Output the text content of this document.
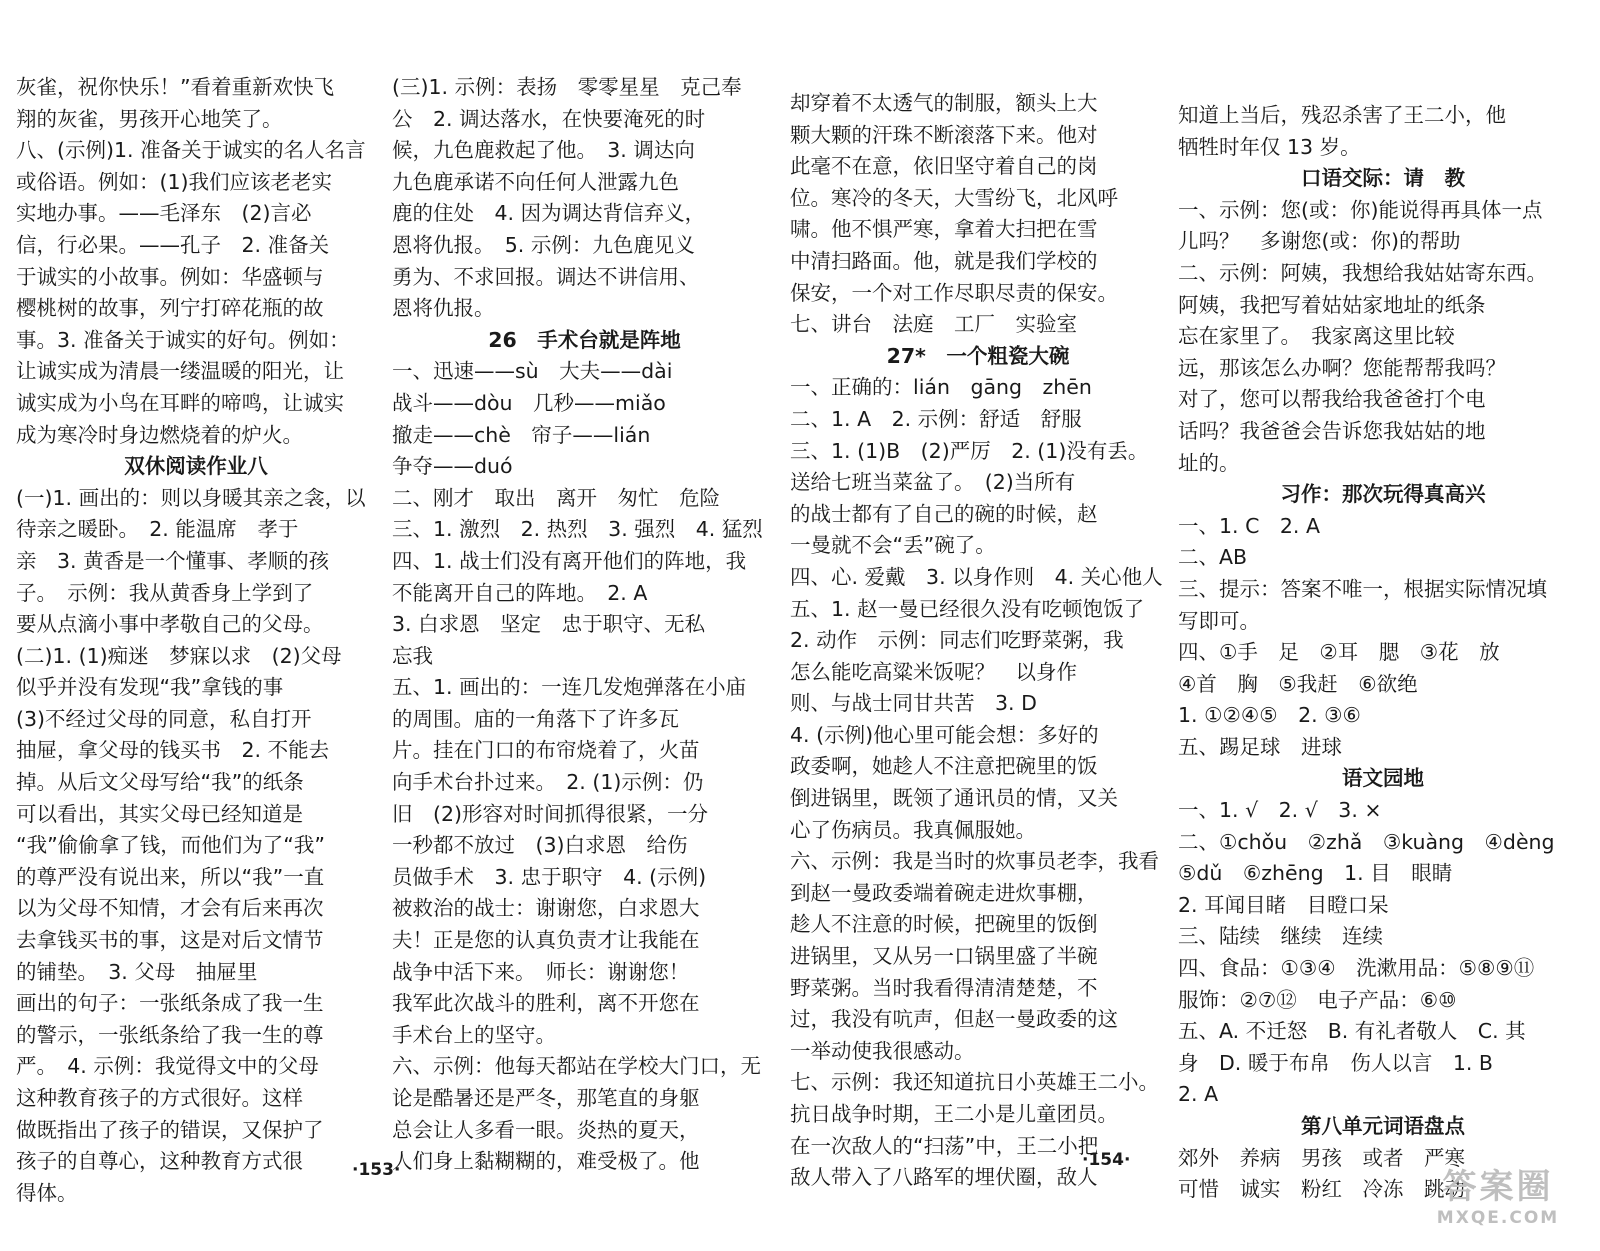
灰雀，祝你快乐！”看着重新欢快飞
翔的灰雀，男孩开心地笑了。
八、(示例)1. 准备关于诚实的名人名言
或俗语。例如：(1)我们应该老老实
实地办事。——毛泽东　(2)言必
信，行必果。——孔子　2. 准备关
于诚实的小故事。例如：华盛顿与
樱桃树的故事，列宁打碎花瓶的故
事。3. 准备关于诚实的好句。例如：
让诚实成为清晨一缕温暖的阳光，让
诚实成为小鸟在耳畔的啼鸣，让诚实
成为寒冷时身边燃烧着的炉火。
双休阅读作业八
(一)1. 画出的：则以身暖其亲之衾，以
待亲之暖卧。　2. 能温席　孝于
亲　3. 黄香是一个懂事、孝顺的孩
子。　示例：我从黄香身上学到了
要从点滴小事中孝敬自己的父母。
(二)1. (1)痴迷　梦寐以求　(2)父母
似乎并没有发现“我”拿钱的事
(3)不经过父母的同意，私自打开
抽屉，拿父母的钱买书　2. 不能去
掉。从后文父母写给“我”的纸条
可以看出，其实父母已经知道是
“我”偷偷拿了钱，而他们为了“我”
的尊严没有说出来，所以“我”一直
以为父母不知情，才会有后来再次
去拿钱买书的事，这是对后文情节
的铺垫。　3. 父母　抽屉里
画出的句子：一张纸条成了我一生
的警示，一张纸条给了我一生的尊
严。　4. 示例：我觉得文中的父母
这种教育孩子的方式很好。这样
做既指出了孩子的错误，又保护了
孩子的自尊心，这种教育方式很
得体。
(三)1. 示例：表扬　零零星星　克己奉
公　2. 调达落水，在快要淹死的时
候，九色鹿救起了他。　3. 调达向
九色鹿承诺不向任何人泄露九色
鹿的住处　4. 因为调达背信弃义，
恩将仇报。　5. 示例：九色鹿见义
勇为、不求回报。调达不讲信用、
恩将仇报。
26　手术台就是阵地
一、迅速——sù　大夫——dài
战斗——dòu　几秒——miǎo
撤走——chè　帘子——lián
争夺——duó
二、刚才　取出　离开　匆忙　危险
三、1. 激烈　2. 热烈　3. 强烈　4. 猛烈
四、1. 战士们没有离开他们的阵地，我
不能离开自己的阵地。　2. A
3. 白求恩　坚定　忠于职守、无私
忘我
五、1. 画出的：一连几发炮弹落在小庙
的周围。庙的一角落下了许多瓦
片。挂在门口的布帘烧着了，火苗
向手术台扑过来。　2. (1)示例：仍
旧　(2)形容对时间抓得很紧，一分
一秒都不放过　(3)白求恩　给伤
员做手术　3. 忠于职守　4. (示例)
被救治的战士：谢谢您，白求恩大
夫！正是您的认真负责才让我能在
战争中活下来。　师长：谢谢您！
我军此次战斗的胜利，离不开您在
手术台上的坚守。
六、示例：他每天都站在学校大门口，无
论是酷暑还是严冬，那笔直的身躯
总会让人多看一眼。炎热的夏天，
人们身上黏糊糊的，难受极了。他
却穿着不太透气的制服，额头上大
颗大颗的汗珠不断滚落下来。他对
此毫不在意，依旧坚守着自己的岗
位。寒冷的冬天，大雪纷飞，北风呼
啸。他不惧严寒，拿着大扫把在雪
中清扫路面。他，就是我们学校的
保安，一个对工作尽职尽责的保安。
七、讲台　法庭　工厂　实验室
27*　一个粗瓷大碗
一、正确的：lián　gāng　zhēn
二、1. A　2. 示例：舒适　舒服
三、1. (1)B　(2)严厉　2. (1)没有丢。
送给七班当菜盆了。　(2)当所有
的战士都有了自己的碗的时候，赵
一曼就不会“丢”碗了。
四、心. 爱戴　3. 以身作则　4. 关心他人
五、1. 赵一曼已经很久没有吃顿饱饭了
2. 动作　示例：同志们吃野菜粥，我
怎么能吃高粱米饭呢？　以身作
则、与战士同甘共苦　3. D
4. (示例)他心里可能会想：多好的
政委啊，她趁人不注意把碗里的饭
倒进锅里，既领了通讯员的情，又关
心了伤病员。我真佩服她。
六、示例：我是当时的炊事员老李，我看
到赵一曼政委端着碗走进炊事棚，
趁人不注意的时候，把碗里的饭倒
进锅里，又从另一口锅里盛了半碗
野菜粥。当时我看得清清楚楚，不
过，我没有吭声，但赵一曼政委的这
一举动使我很感动。
七、示例：我还知道抗日小英雄王二小。
抗日战争时期，王二小是儿童团员。
在一次敌人的“扫荡”中，王二小把
敌人带入了八路军的埋伏圈，敌人
知道上当后，残忍杀害了王二小，他
牺牲时年仅 13 岁。
口语交际：请　教
一、示例：您(或：你)能说得再具体一点
儿吗？　多谢您(或：你)的帮助
二、示例：阿姨，我想给我姑姑寄东西。
阿姨，我把写着姑姑家地址的纸条
忘在家里了。　我家离这里比较
远，那该怎么办啊？您能帮帮我吗？
对了，您可以帮我给我爸爸打个电
话吗？我爸爸会告诉您我姑姑的地
址的。
习作：那次玩得真高兴
一、1. C　2. A
二、AB
三、提示：答案不唯一，根据实际情况填
写即可。
四、①手　足　②耳　腮　③花　放
④首　胸　⑤我赶　⑥欲绝
1. ①②④⑤　2. ③⑥
五、踢足球　进球
语文园地
一、1. √　2. √　3. ×
二、①chǒu　②zhǎ　③kuàng　④dèng
⑤dǔ　⑥zhēng　1. 目　眼睛
2. 耳闻目睹　目瞪口呆
三、陆续　继续　连续
四、食品：①③④　洗漱用品：⑤⑧⑨⑪
服饰：②⑦⑫　电子产品：⑥⑩
五、A. 不迁怒　B. 有礼者敬人　C. 其
身　D. 暖于布帛　伤人以言　1. B
2. A
第八单元词语盘点
郊外　养病　男孩　或者　严寒
可惜　诚实　粉红　冷冻　跳动
·153·	·154·
答案圈
MXQE.COM
